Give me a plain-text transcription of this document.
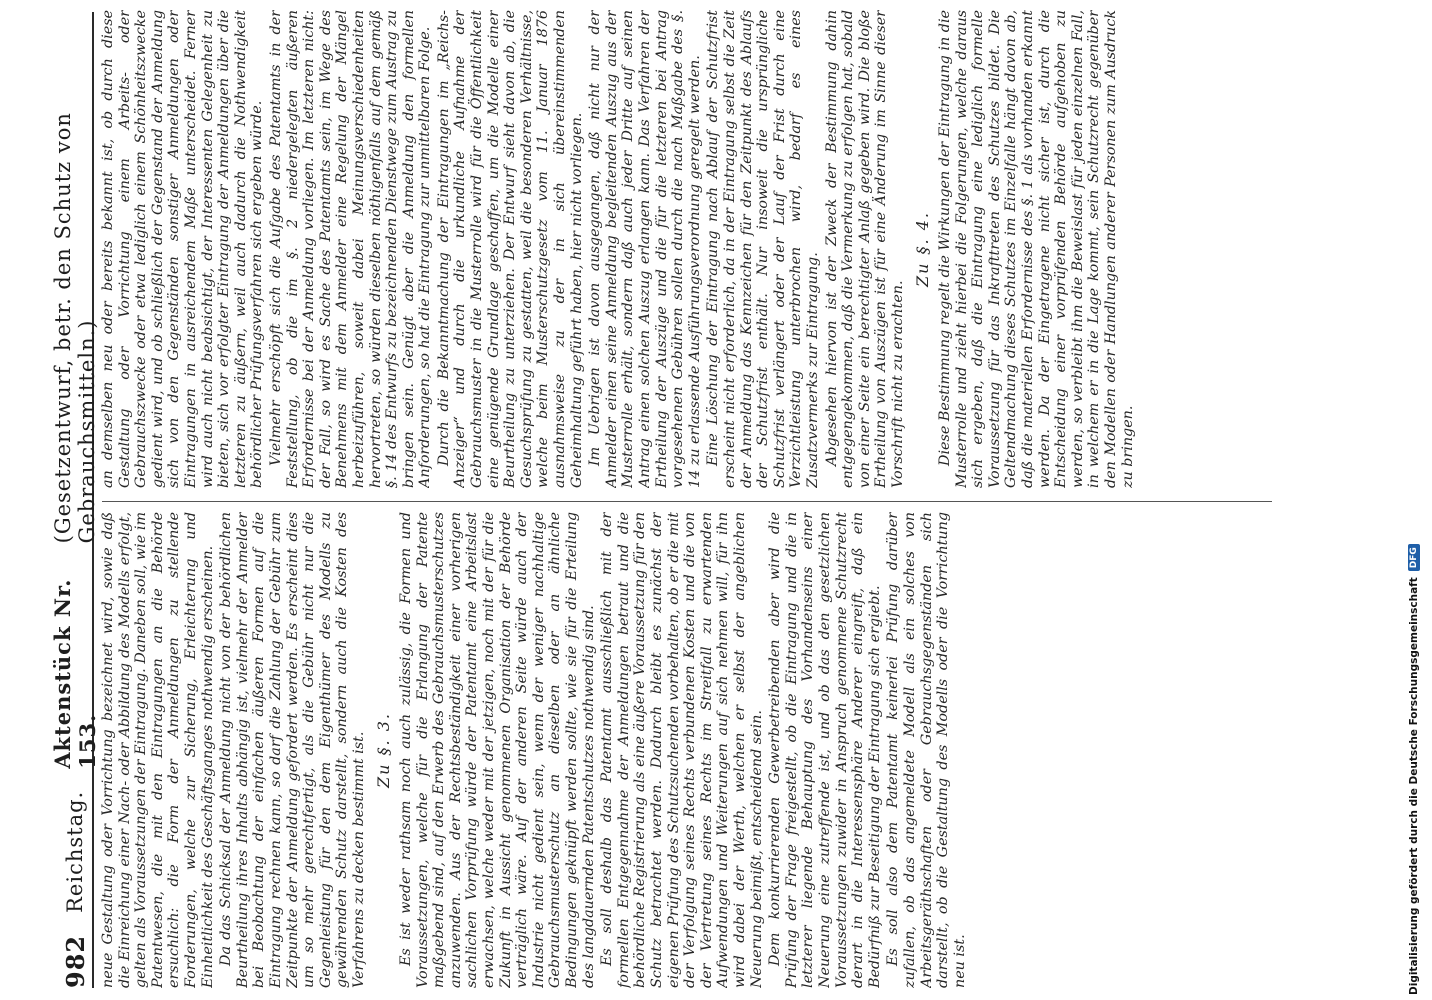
982
Reichstag.
Aktenstück Nr. 153.
(Gesetzentwurf, betr. den Schutz von Gebrauchsmitteln.)

neue Gestaltung oder Vorrichtung bezeichnet wird, sowie daß die Einreichung einer Nach- oder Abbildung des Modells erfolgt, gelten als Voraussetzungen der Eintragung. Daneben soll, wie im Patentwesen, die mit den Eintragungen an die Behörde ersuchlich: die Form der Anmeldungen zu stellende Forderungen, welche zur Sicherung, Erleichterung und Einheitlichkeit des Geschäftsganges nothwendig erscheinen. Da das Schicksal der Anmeldung nicht von der behördlichen Beurtheilung ihres Inhalts abhängig ist, vielmehr der Anmelder bei Beobachtung der einfachen äußeren Formen auf die Eintragung rechnen kann, so darf die Zahlung der Gebühr zum Zeitpunkte der Anmeldung gefordert werden. Es erscheint dies um so mehr gerechtfertigt, als die Gebühr nicht nur die Gegenleistung für den dem Eigenthümer des Modells zu gewährenden Schutz darstellt, sondern auch die Kosten des Verfahrens zu decken bestimmt ist. Zu §. 3. Es ist weder rathsam noch auch zulässig, die Formen und Voraussetzungen, welche für die Erlangung der Patente maßgebend sind, auf den Erwerb des Gebrauchsmusterschutzes anzuwenden. Aus der Rechtsbeständigkeit einer vorherigen sachlichen Vorprüfung würde der Patentamt eine Arbeitslast erwachsen, welche weder mit der jetzigen, noch mit der für die Zukunft in Aussicht genommenen Organisation der Behörde verträglich wäre. Auf der anderen Seite würde auch der Industrie nicht gedient sein, wenn der weniger nachhaltige Gebrauchsmusterschutz an dieselben oder an ähnliche Bedingungen geknüpft werden sollte, wie sie für die Erteilung des langdauernden Patentschutzes nothwendig sind. Es soll deshalb das Patentamt ausschließlich mit der formellen Entgegennahme der Anmeldungen betraut und die behördliche Registrierung als eine äußere Voraussetzung für den Schutz betrachtet werden. Dadurch bleibt es zunächst der eigenen Prüfung des Schutzsuchenden vorbehalten, ob er die mit der Verfolgung seines Rechts verbundenen Kosten und die von der Vertretung seines Rechts im Streitfall zu erwartenden Aufwendungen und Weiterungen auf sich nehmen will, für ihn wird dabei der Werth, welchen er selbst der angeblichen Neuerung beimißt, entscheidend sein. Dem konkurrierenden Gewerbetreibenden aber wird die Prüfung der Frage freigestellt, ob die Eintragung und die in letzterer liegende Behauptung des Vorhandenseins einer Neuerung eine zutreffende ist, und ob das den gesetzlichen Voraussetzungen zuwider in Anspruch genommene Schutzrecht derart in die Interessensphäre Anderer eingreift, daß ein Bedürfniß zur Beseitigung der Eintragung sich ergiebt. Es soll also dem Patentamt keinerlei Prüfung darüber zufallen, ob das angemeldete Modell als ein solches von Arbeitsgeräthschaften oder Gebrauchsgegenständen sich darstellt, ob die Gestaltung des Modells oder die Vorrichtung neu ist.

an demselben neu oder bereits bekannt ist, ob durch diese Gestaltung oder Vorrichtung einem Arbeits- oder Gebrauchszwecke oder etwa lediglich einem Schönheitszwecke gedient wird, und ob schließlich der Gegenstand der Anmeldung sich von den Gegenständen sonstiger Anmeldungen oder Eintragungen in ausreichendem Maße unterscheidet. Ferner wird auch nicht beabsichtigt, der Interessenten Gelegenheit zu bieten, sich vor erfolgter Eintragung der Anmeldungen über die letzteren zu äußern, weil auch dadurch die Nothwendigkeit behördlicher Prüfungsverfahren sich ergeben würde. Vielmehr erschöpft sich die Aufgabe des Patentamts in der Feststellung, ob die im §. 2 niedergelegten äußeren Erfordernisse bei der Anmeldung vorliegen. Im letzteren nicht: der Fall, so wird es Sache des Patentamts sein, im Wege des Benehmens mit dem Anmelder eine Regelung der Mängel herbeizuführen, soweit dabei Meinungsverschiedenheiten hervortreten, so würden dieselben nöthigenfalls auf dem gemäß §. 14 des Entwurfs zu bezeichnenden Dienstwege zum Austrag zu bringen sein. Genügt aber die Anmeldung den formellen Anforderungen, so hat die Eintragung zur unmittelbaren Folge. Durch die Bekanntmachung der Eintragungen im „Reichs-Anzeiger“ und durch die urkundliche Aufnahme der Gebrauchsmuster in die Musterrolle wird für die Öffentlichkeit eine genügende Grundlage geschaffen, um die Modelle einer Beurtheilung zu unterziehen. Der Entwurf sieht davon ab, die Gesuchsprüfung zu gestatten, weil die besonderen Verhältnisse, welche beim Musterschutzgesetz vom 11. Januar 1876 ausnahmsweise zu der in sich übereinstimmenden Geheimhaltung geführt haben, hier nicht vorliegen. Im Uebrigen ist davon ausgegangen, daß nicht nur der Anmelder einen seine Anmeldung begleitenden Auszug aus der Musterrolle erhält, sondern daß auch jeder Dritte auf seinen Antrag einen solchen Auszug erlangen kann. Das Verfahren der Ertheilung der Auszüge und die für die letzteren bei Antrag vorgesehenen Gebühren sollen durch die nach Maßgabe des §. 14 zu erlassende Ausführungsverordnung geregelt werden. Eine Löschung der Eintragung nach Ablauf der Schutzfrist erscheint nicht erforderlich, da in der Eintragung selbst die Zeit der Anmeldung das Kennzeichen für den Zeitpunkt des Ablaufs der Schutzfrist enthält. Nur insoweit die ursprüngliche Schutzfrist verlängert oder der Lauf der Frist durch eine Verzichtleistung unterbrochen wird, bedarf es eines Zusatzvermerks zur Eintragung. Abgesehen hiervon ist der Zweck der Bestimmung dahin entgegengekommen, daß die Vermerkung zu erfolgen hat, sobald von einer Seite ein berechtigter Anlaß gegeben wird. Die bloße Ertheilung von Auszügen ist für eine Änderung im Sinne dieser Vorschrift nicht zu erachten.

Zu §. 4. Diese Bestimmung regelt die Wirkungen der Eintragung in die Musterrolle und zieht hierbei die Folgerungen, welche daraus sich ergeben, daß die Eintragung eine lediglich formelle Voraussetzung für das Inkrafttreten des Schutzes bildet. Die Geltendmachung dieses Schutzes im Einzelfalle hängt davon ab, daß die materiellen Erfordernisse des §. 1 als vorhanden erkannt werden. Da der Eingetragene nicht sicher ist, durch die Entscheidung einer vorprüfenden Behörde aufgehoben zu werden, so verbleibt ihm die Beweislast für jeden einzelnen Fall, in welchem er in die Lage kommt, sein Schutzrecht gegenüber den Modellen oder Handlungen anderer Personen zum Ausdruck zu bringen.

Digitalisierung gefördert durch die Deutsche Forschungsgemeinschaft
DFG
